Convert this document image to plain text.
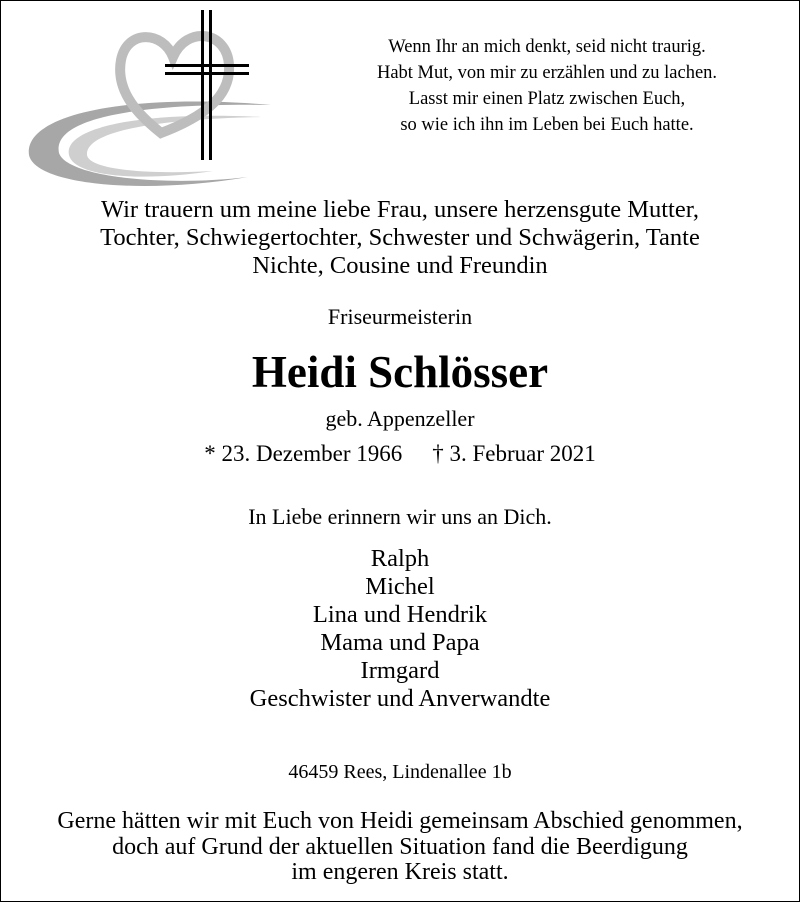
Wenn Ihr an mich denkt, seid nicht traurig.
Habt Mut, von mir zu erzählen und zu lachen.
Lasst mir einen Platz zwischen Euch,
so wie ich ihn im Leben bei Euch hatte.
Wir trauern um meine liebe Frau, unsere herzensgute Mutter,
Tochter, Schwiegertochter, Schwester und Schwägerin, Tante
Nichte, Cousine und Freundin
Friseurmeisterin
Heidi Schlösser
geb. Appenzeller
* 23. Dezember 1966 † 3. Februar 2021
In Liebe erinnern wir uns an Dich.
Ralph
Michel
Lina und Hendrik
Mama und Papa
Irmgard
Geschwister und Anverwandte
46459 Rees, Lindenallee 1b
Gerne hätten wir mit Euch von Heidi gemeinsam Abschied genommen,
doch auf Grund der aktuellen Situation fand die Beerdigung
im engeren Kreis statt.
